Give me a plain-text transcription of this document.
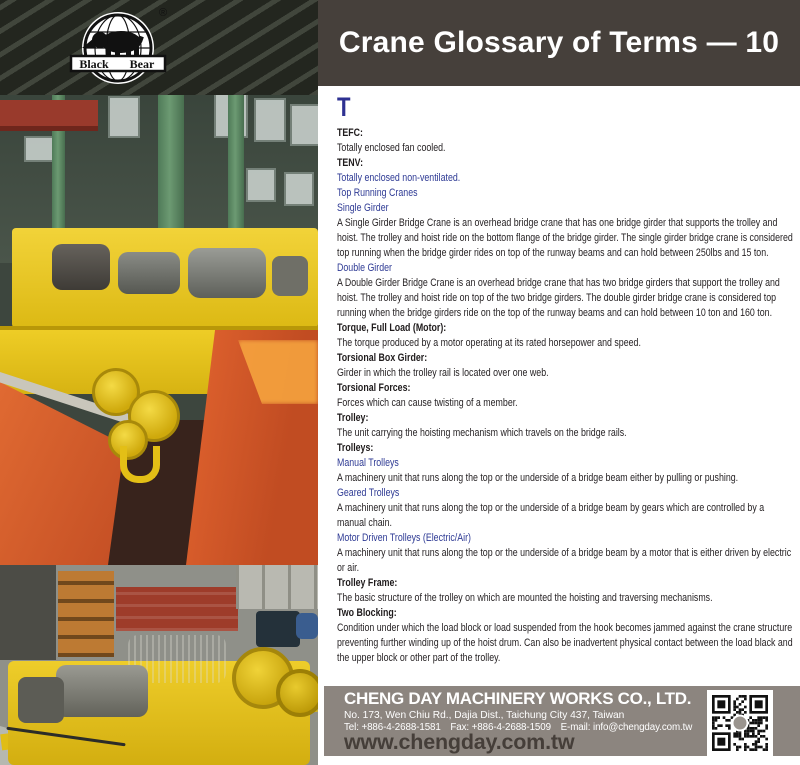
Black Bear
®
Crane Glossary of Terms — 10
T
TEFC:
Totally enclosed fan cooled.
TENV:
Totally enclosed non-ventilated.
Top Running Cranes
Single Girder
A Single Girder Bridge Crane is an overhead bridge crane that has one bridge girder that supports the trolley and hoist. The trolley and hoist ride on the bottom flange of the bridge girder. The single girder bridge crane is considered top running when the bridge girder rides on top of the runway beams and can hold between 250lbs and 15 ton.
Double Girder
A Double Girder Bridge Crane is an overhead bridge crane that has two bridge girders that support the trolley and hoist. The trolley and hoist ride on top of the two bridge girders. The double girder bridge crane is considered top running when the bridge girders ride on the top of the runway beams and can hold between 10 ton and 160 ton.
Torque, Full Load (Motor):
The torque produced by a motor operating at its rated horsepower and speed.
Torsional Box Girder:
Girder in which the trolley rail is located over one web.
Torsional Forces:
Forces which can cause twisting of a member.
Trolley:
The unit carrying the hoisting mechanism which travels on the bridge rails.
Trolleys:
Manual Trolleys
A machinery unit that runs along the top or the underside of a bridge beam either by pulling or pushing.
Geared Trolleys
A machinery unit that runs along the top or the underside of a bridge beam by gears which are controlled by a manual chain.
Motor Driven Trolleys (Electric/Air)
A machinery unit that runs along the top or the underside of a bridge beam by a motor that is either driven by electric or air.
Trolley Frame:
The basic structure of the trolley on which are mounted the hoisting and traversing mechanisms.
Two Blocking:
Condition under which the load block or load suspended from the hook becomes jammed against the crane structure preventing further winding up of the hoist drum. Can also be inadvertent physical contact between the load black and the upper block or other part of the trolley.
CHENG DAY MACHINERY WORKS CO., LTD.
No. 173, Wen Chiu Rd., Dajia Dist., Taichung City 437, Taiwan
Tel: +886-4-2688-1581 Fax: +886-4-2688-1509 E-mail: info@chengday.com.tw
www.chengday.com.tw
